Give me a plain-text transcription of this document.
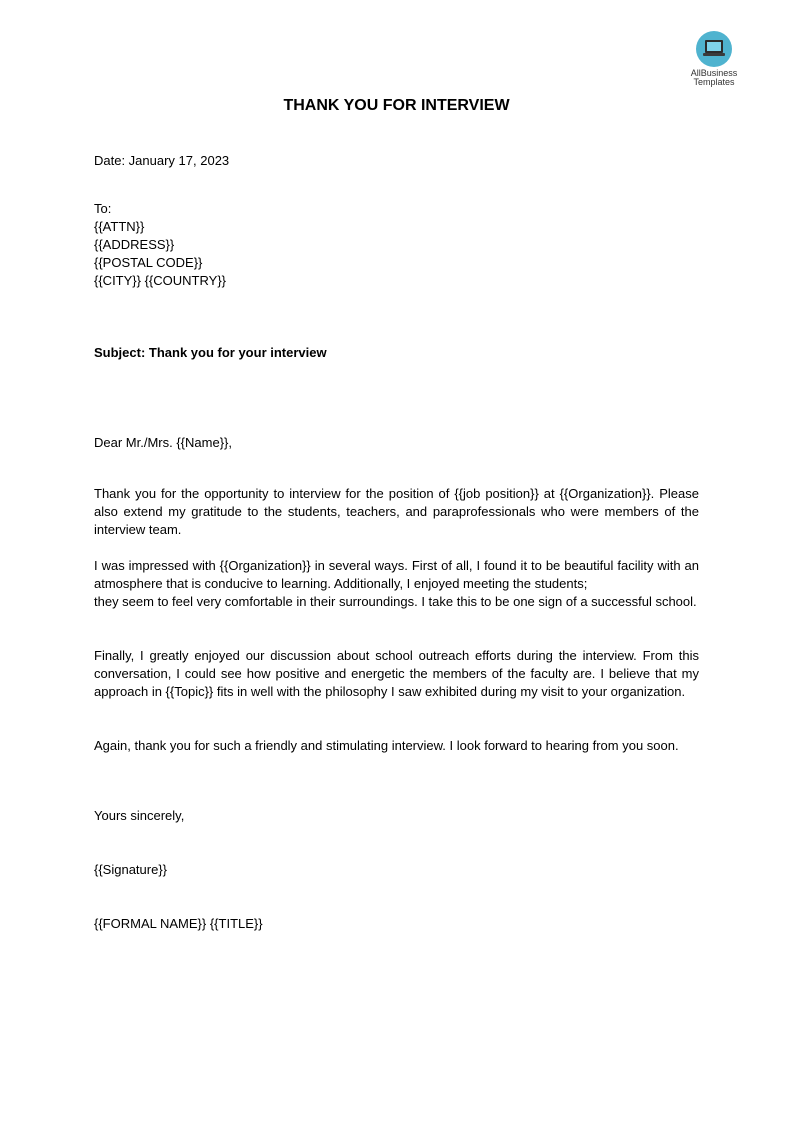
AllBusiness
Templates
THANK YOU FOR INTERVIEW
Date: January 17, 2023
To:
{{ATTN}}
{{ADDRESS}}
{{POSTAL CODE}}
{{CITY}} {{COUNTRY}}
Subject: Thank you for your interview
Dear Mr./Mrs. {{Name}},
Thank you for the opportunity to interview for the position of {{job position}} at {{Organization}}. Please also extend my gratitude to the students, teachers, and paraprofessionals who were members of the interview team.
I was impressed with {{Organization}} in several ways. First of all, I found it to be beautiful facility with an atmosphere that is conducive to learning. Additionally, I enjoyed meeting the students;
they seem to feel very comfortable in their surroundings. I take this to be one sign of a successful school.
Finally, I greatly enjoyed our discussion about school outreach efforts during the interview. From this conversation, I could see how positive and energetic the members of the faculty are. I believe that my approach in {{Topic}} fits in well with the philosophy I saw exhibited during my visit to your organization.
Again, thank you for such a friendly and stimulating interview. I look forward to hearing from you soon.
Yours sincerely,
{{Signature}}
{{FORMAL NAME}} {{TITLE}}
